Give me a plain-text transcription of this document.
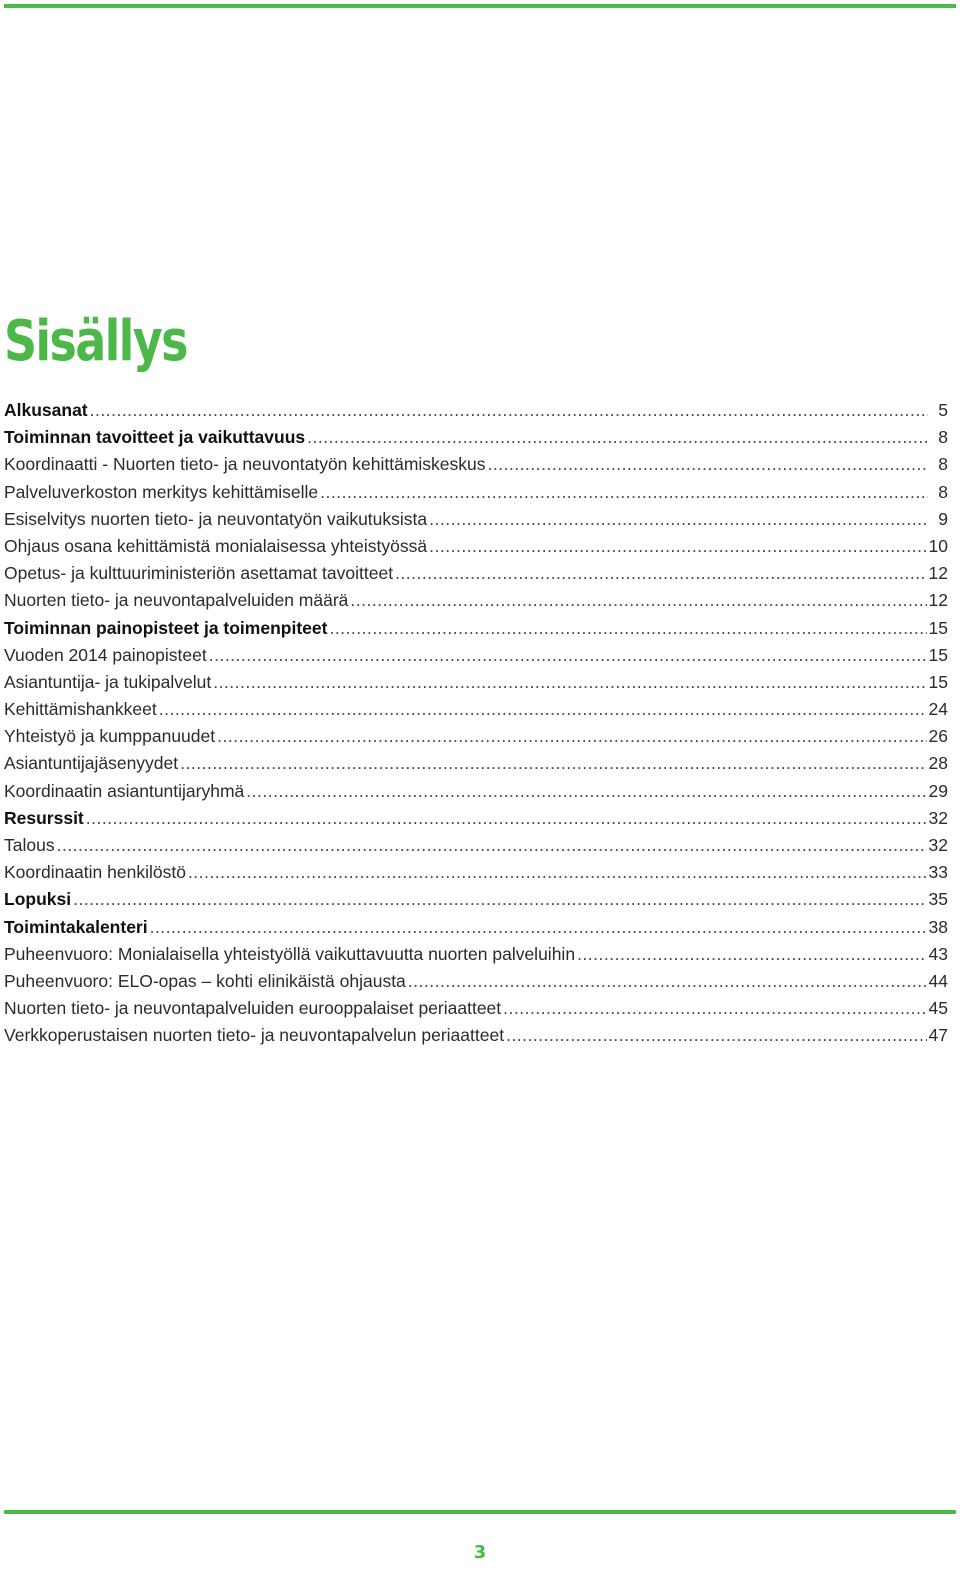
Sisällys
Alkusanat .....	5
Toiminnan tavoitteet ja vaikuttavuus .....	8
Koordinaatti - Nuorten tieto- ja neuvontatyön kehittämiskeskus .....	8
Palveluverkoston merkitys kehittämiselle .....	8
Esiselvitys nuorten tieto- ja neuvontatyön vaikutuksista .....	9
Ohjaus osana kehittämistä monialaisessa yhteistyössä .....	10
Opetus- ja kulttuuriministeriön asettamat tavoitteet .....	12
Nuorten tieto- ja neuvontapalveluiden määrä .....	12
Toiminnan painopisteet ja toimenpiteet .....	15
Vuoden 2014 painopisteet .....	15
Asiantuntija- ja tukipalvelut .....	15
Kehittämishankkeet .....	24
Yhteistyö ja kumppanuudet .....	26
Asiantuntijajäsenyydet .....	28
Koordinaatin asiantuntijaryhmä .....	29
Resurssit .....	32
Talous .....	32
Koordinaatin henkilöstö .....	33
Lopuksi .....	35
Toimintakalenteri .....	38
Puheenvuoro: Monialaisella yhteistyöllä vaikuttavuutta nuorten palveluihin .....	43
Puheenvuoro: ELO-opas – kohti elinikäistä ohjausta .....	44
Nuorten tieto- ja neuvontapalveluiden eurooppalaiset periaatteet .....	45
Verkkoperustaisen nuorten tieto- ja neuvontapalvelun periaatteet .....	47
3
